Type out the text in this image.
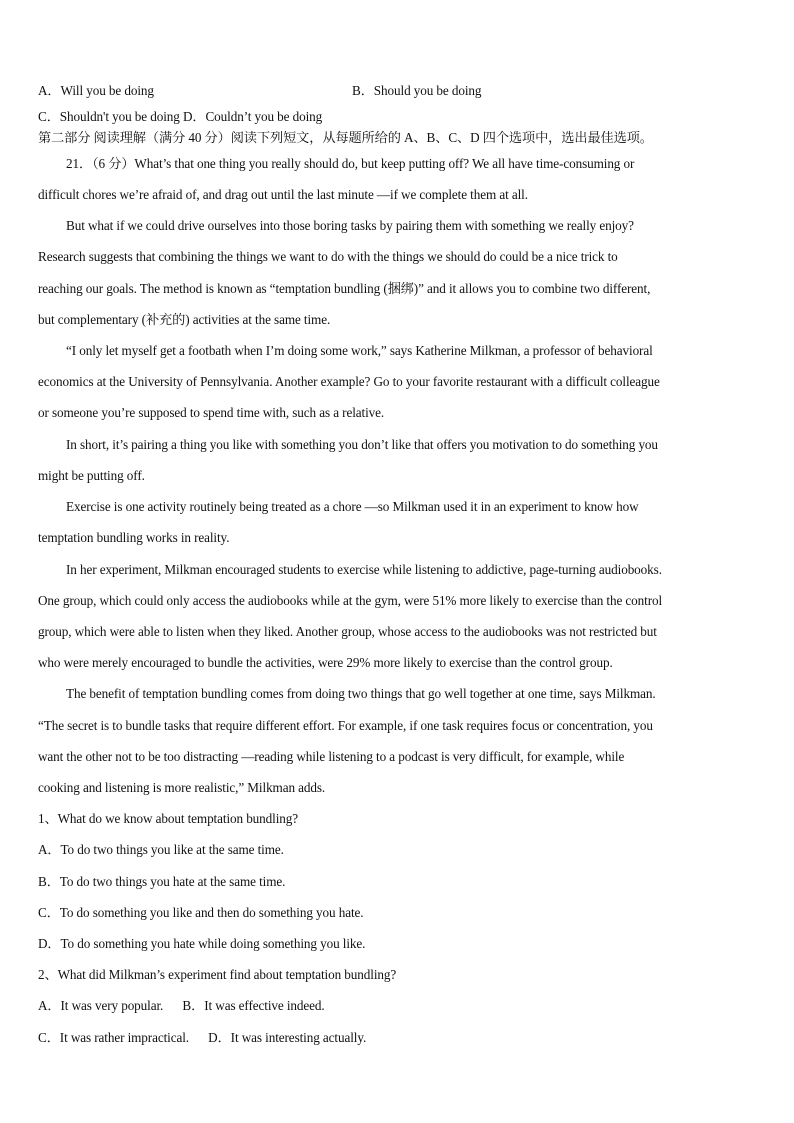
A．Will you be doing	B．Should you be doing
C．Shouldn't you be doing D．Couldn’t you be doing
第二部分 阅读理解（满分 40 分）阅读下列短文，从每题所给的 A、B、C、D 四个选项中，选出最佳选项。
21．（6 分）What’s that one thing you really should do, but keep putting off? We all have time-consuming or
difficult chores we’re afraid of, and drag out until the last minute —if we complete them at all.
But what if we could drive ourselves into those boring tasks by pairing them with something we really enjoy?
Research suggests that combining the things we want to do with the things we should do could be a nice trick to
reaching our goals. The method is known as “temptation bundling (捆绑)” and it allows you to combine two different,
but complementary (补充的) activities at the same time.
“I only let myself get a footbath when I’m doing some work,” says Katherine Milkman, a professor of behavioral
economics at the University of Pennsylvania. Another example? Go to your favorite restaurant with a difficult colleague
or someone you’re supposed to spend time with, such as a relative.
In short, it’s pairing a thing you like with something you don’t like that offers you motivation to do something you
might be putting off.
Exercise is one activity routinely being treated as a chore —so Milkman used it in an experiment to know how
temptation bundling works in reality.
In her experiment, Milkman encouraged students to exercise while listening to addictive, page-turning audiobooks.
One group, which could only access the audiobooks while at the gym, were 51% more likely to exercise than the control
group, which were able to listen when they liked. Another group, whose access to the audiobooks was not restricted but
who were merely encouraged to bundle the activities, were 29% more likely to exercise than the control group.
The benefit of temptation bundling comes from doing two things that go well together at one time, says Milkman.
“The secret is to bundle tasks that require different effort. For example, if one task requires focus or concentration, you
want the other not to be too distracting —reading while listening to a podcast is very difficult, for example, while
cooking and listening is more realistic,” Milkman adds.
1、What do we know about temptation bundling?
A．To do two things you like at the same time.
B．To do two things you hate at the same time.
C．To do something you like and then do something you hate.
D．To do something you hate while doing something you like.
2、What did Milkman’s experiment find about temptation bundling?
A．It was very popular.      B．It was effective indeed.
C．It was rather impractical.      D．It was interesting actually.
